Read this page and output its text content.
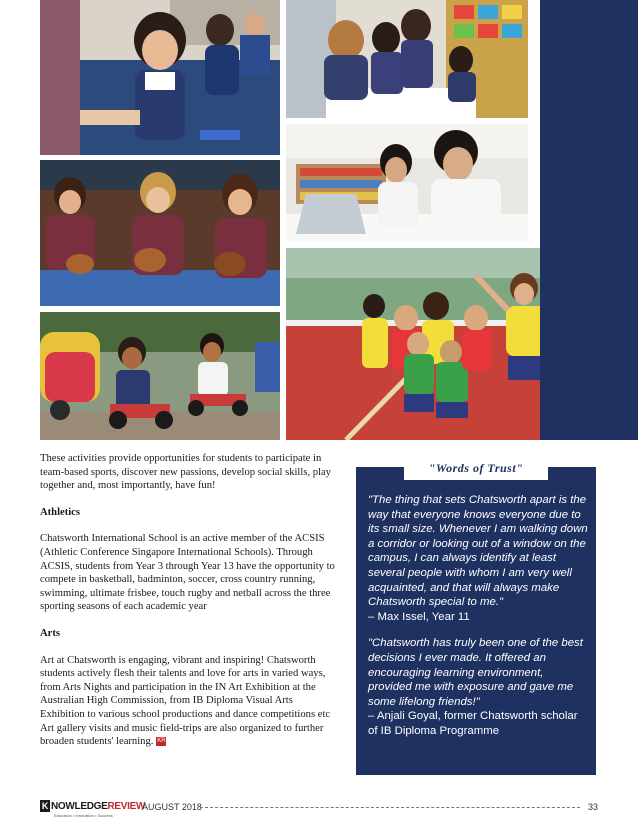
These activities provide opportunities for students to participate in team-based sports, discover new passions, develop social skills, play together and, most importantly, have fun!

Athletics

Chatsworth International School is an active member of the ACSIS (Athletic Conference Singapore International Schools). Through ACSIS, students from Year 3 through Year 13 have the opportunity to compete in basketball, badminton, soccer, cross country running, swimming, ultimate frisbee, touch rugby and netball across the three sporting seasons of each academic year

Arts

Art at Chatsworth is engaging, vibrant and inspiring! Chatsworth students actively flesh their talents and love for arts in varied ways, from Arts Nights and participation in the IN Art Exhibition at the Australian High Commission, from IB Diploma Visual Arts Exhibition to various school productions and dance competitions etc Art gallery visits and music field-trips are also organized to further broaden students' learning. KR

"Words of Trust"

"The thing that sets Chatsworth apart is the way that everyone knows everyone due to its small size. Whenever I am walking down a corridor or looking out of a window on the campus, I can always identify at least several people with whom I am very well acquainted, and that will always make Chatsworth special to me."

– Max Issel, Year 11

"Chatsworth has truly been one of the best decisions I ever made. It offered an encouraging learning environment, provided me with exposure and gave me some lifelong friends!"

– Anjali Goyal, former Chatsworth scholar of IB Diploma Programme

K NOWLEDGEREVIEW
Education • Innovation • Success
AUGUST 2018	33
